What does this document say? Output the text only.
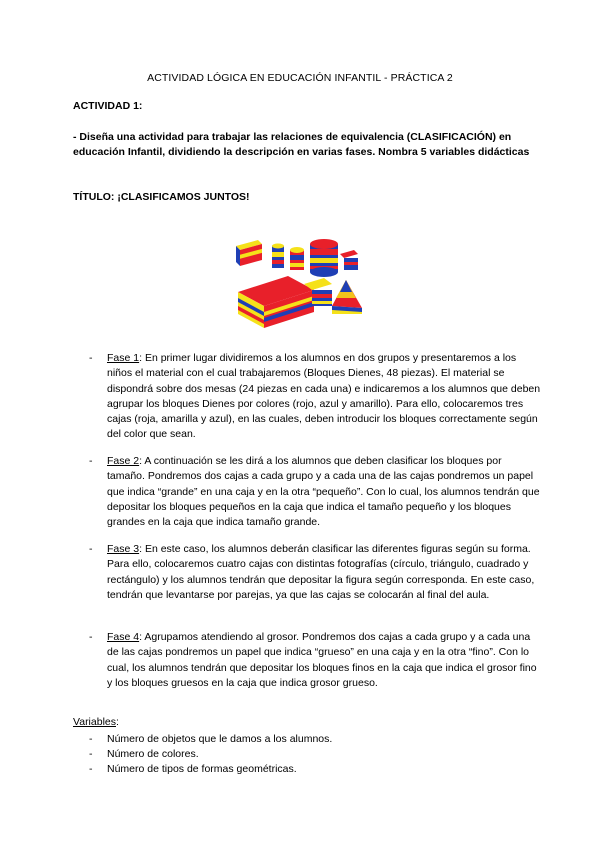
ACTIVIDAD LÓGICA EN EDUCACIÓN INFANTIL - PRÁCTICA 2
ACTIVIDAD 1:
- Diseña una actividad para trabajar las relaciones de equivalencia (CLASIFICACIÓN) en educación Infantil, dividiendo la descripción en varias fases. Nombra 5 variables didácticas
TÍTULO: ¡CLASIFICAMOS JUNTOS!
- Fase 1: En primer lugar dividiremos a los alumnos en dos grupos y presentaremos a los niños el material con el cual trabajaremos (Bloques Dienes, 48 piezas). El material se dispondrá sobre dos mesas (24 piezas en cada una) e indicaremos a los alumnos que deben agrupar los bloques Dienes por colores (rojo, azul y amarillo). Para ello, colocaremos tres cajas (roja, amarilla y azul), en las cuales, deben introducir los bloques correctamente según del color que sean.
- Fase 2: A continuación se les dirá a los alumnos que deben clasificar los bloques por tamaño. Pondremos dos cajas a cada grupo y a cada una de las cajas pondremos un papel que indica “grande” en una caja y en la otra “pequeño”. Con lo cual, los alumnos tendrán que depositar los bloques pequeños en la caja que indica el tamaño pequeño y los bloques grandes en la caja que indica tamaño grande.
- Fase 3: En este caso, los alumnos deberán clasificar las diferentes figuras según su forma. Para ello, colocaremos cuatro cajas con distintas fotografías (círculo, triángulo, cuadrado y rectángulo) y los alumnos tendrán que depositar la figura según corresponda. En este caso, tendrán que levantarse por parejas, ya que las cajas se colocarán al final del aula.
- Fase 4: Agrupamos atendiendo al grosor. Pondremos dos cajas a cada grupo y a cada una de las cajas pondremos un papel que indica “grueso” en una caja y en la otra “fino”. Con lo cual, los alumnos tendrán que depositar los bloques finos en la caja que indica el grosor fino y los bloques gruesos en la caja que indica grosor grueso.
Variables:
- Número de objetos que le damos a los alumnos.
- Número de colores.
- Número de tipos de formas geométricas.
